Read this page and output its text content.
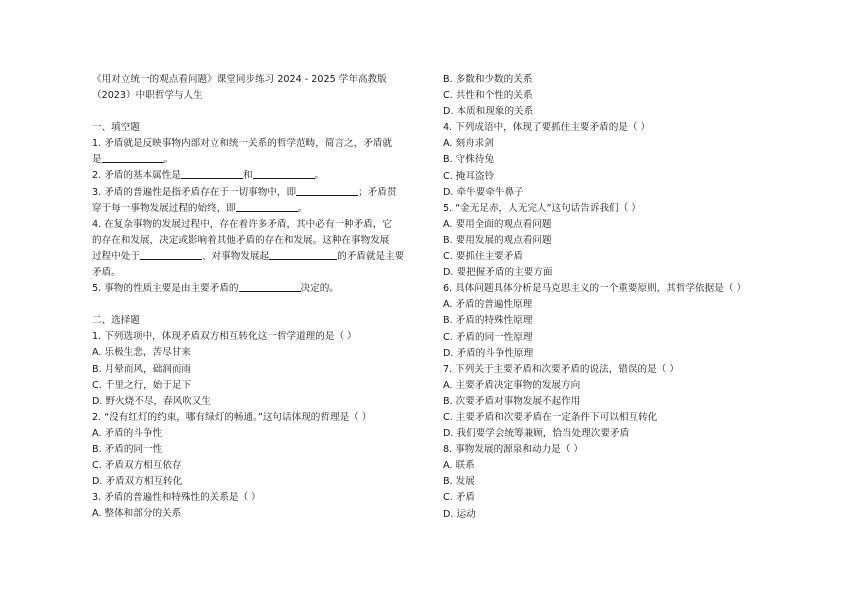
《用对立统一的观点看问题》课堂同步练习 2024 - 2025 学年高教版
（2023）中职哲学与人生
一、填空题
1. 矛盾就是反映事物内部对立和统一关系的哲学范畴，简言之，矛盾就
是	。
2. 矛盾的基本属性是	和	。
3. 矛盾的普遍性是指矛盾存在于一切事物中，即	；矛盾贯
穿于每一事物发展过程的始终，即	。
4. 在复杂事物的发展过程中，存在着许多矛盾，其中必有一种矛盾，它
的存在和发展，决定或影响着其他矛盾的存在和发展。这种在事物发展
过程中处于	、对事物发展起	的矛盾就是主要
矛盾。
5. 事物的性质主要是由主要矛盾的	决定的。
二、选择题
1. 下列选项中，体现矛盾双方相互转化这一哲学道理的是（ ）
A. 乐极生悲，苦尽甘来
B. 月晕而风，础润而雨
C. 千里之行，始于足下
D. 野火烧不尽，春风吹又生
2. “没有红灯的约束，哪有绿灯的畅通。”这句话体现的哲理是（ ）
A. 矛盾的斗争性
B. 矛盾的同一性
C. 矛盾双方相互依存
D. 矛盾双方相互转化
3. 矛盾的普遍性和特殊性的关系是（ ）
A. 整体和部分的关系
B. 多数和少数的关系
C. 共性和个性的关系
D. 本质和现象的关系
4. 下列成语中，体现了要抓住主要矛盾的是（ ）
A. 刻舟求剑
B. 守株待兔
C. 掩耳盗铃
D. 牵牛要牵牛鼻子
5. “金无足赤，人无完人”这句话告诉我们（ ）
A. 要用全面的观点看问题
B. 要用发展的观点看问题
C. 要抓住主要矛盾
D. 要把握矛盾的主要方面
6. 具体问题具体分析是马克思主义的一个重要原则，其哲学依据是（ ）
A. 矛盾的普遍性原理
B. 矛盾的特殊性原理
C. 矛盾的同一性原理
D. 矛盾的斗争性原理
7. 下列关于主要矛盾和次要矛盾的说法，错误的是（ ）
A. 主要矛盾决定事物的发展方向
B. 次要矛盾对事物发展不起作用
C. 主要矛盾和次要矛盾在一定条件下可以相互转化
D. 我们要学会统筹兼顾，恰当处理次要矛盾
8. 事物发展的源泉和动力是（ ）
A. 联系
B. 发展
C. 矛盾
D. 运动
